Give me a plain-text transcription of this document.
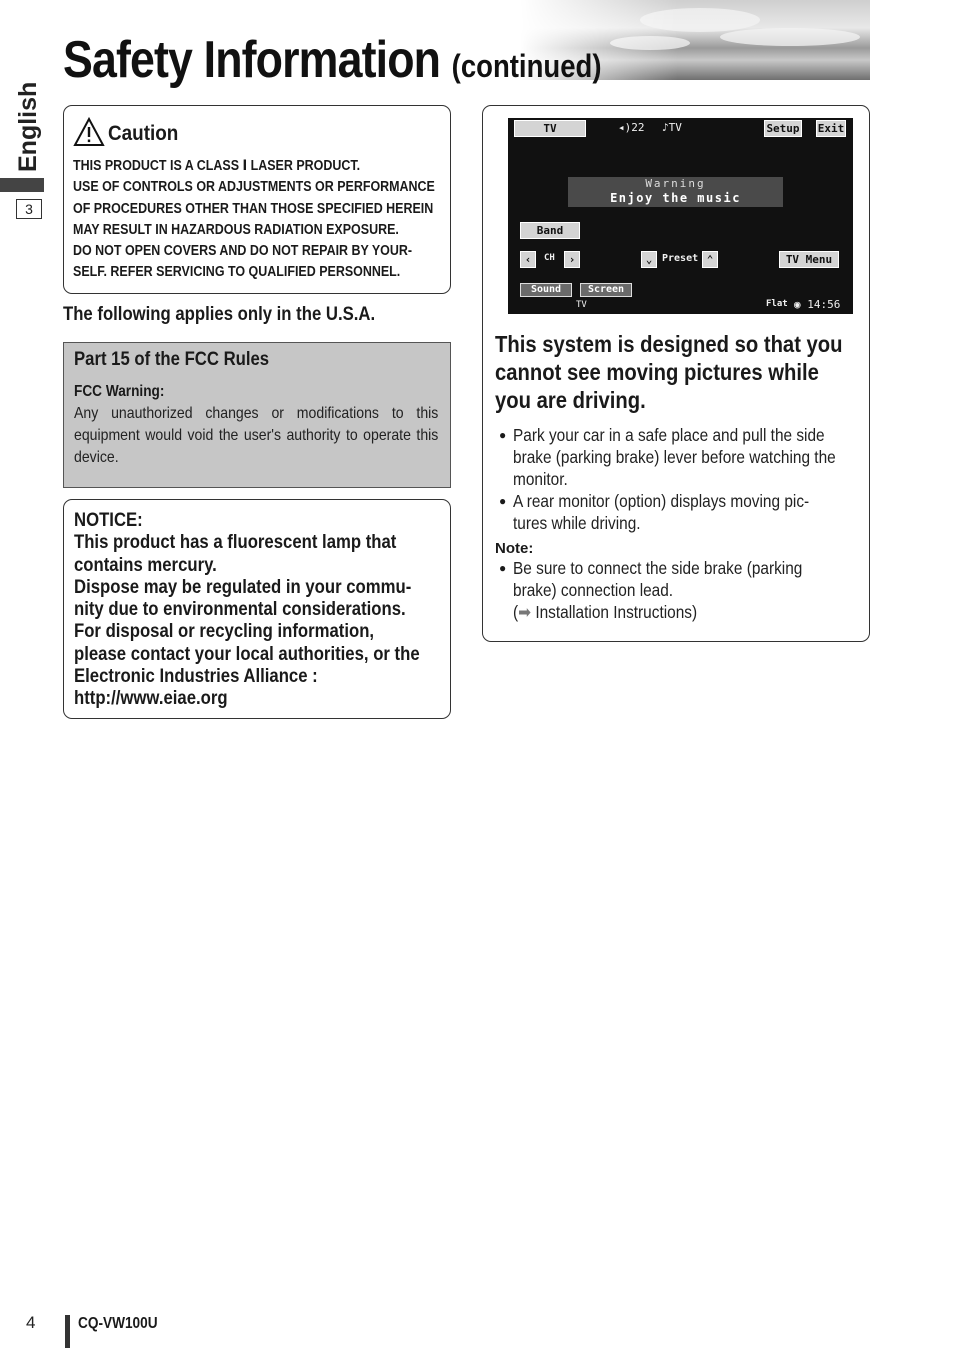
Safety Information (continued)
English
3
Caution
THIS PRODUCT IS A CLASS Ⅰ LASER PRODUCT.
USE OF CONTROLS OR ADJUSTMENTS OR PERFORMANCE
OF PROCEDURES OTHER THAN THOSE SPECIFIED HEREIN
MAY RESULT IN HAZARDOUS RADIATION EXPOSURE.
DO NOT OPEN COVERS AND DO NOT REPAIR BY YOUR-
SELF. REFER SERVICING TO QUALIFIED PERSONNEL.
The following applies only in the U.S.A.
Part 15 of the FCC Rules
FCC Warning:
Any unauthorized changes or modifications to this equipment would void the user's authority to operate this device.
NOTICE:
This product has a fluorescent lamp that
contains mercury.
Dispose may be regulated in your commu-
nity due to environmental considerations.
For disposal or recycling information,
please contact your local authorities, or the
Electronic Industries Alliance :
http://www.eiae.org
TV	◂)22 ♪TV	Setup Exit
Warning
Enjoy the music
Band
‹	CH	›	⌄ Preset ⌃	TV Menu
Sound	Screen
TV	Flat ◉ 14:56
This system is designed so that you
cannot see moving pictures while
you are driving.
● Park your car in a safe place and pull the side
brake (parking brake) lever before watching the
monitor.
● A rear monitor (option) displays moving pic-
tures while driving.
Note:
● Be sure to connect the side brake (parking
brake) connection lead.
(➡ Installation Instructions)
4	CQ-VW100U
